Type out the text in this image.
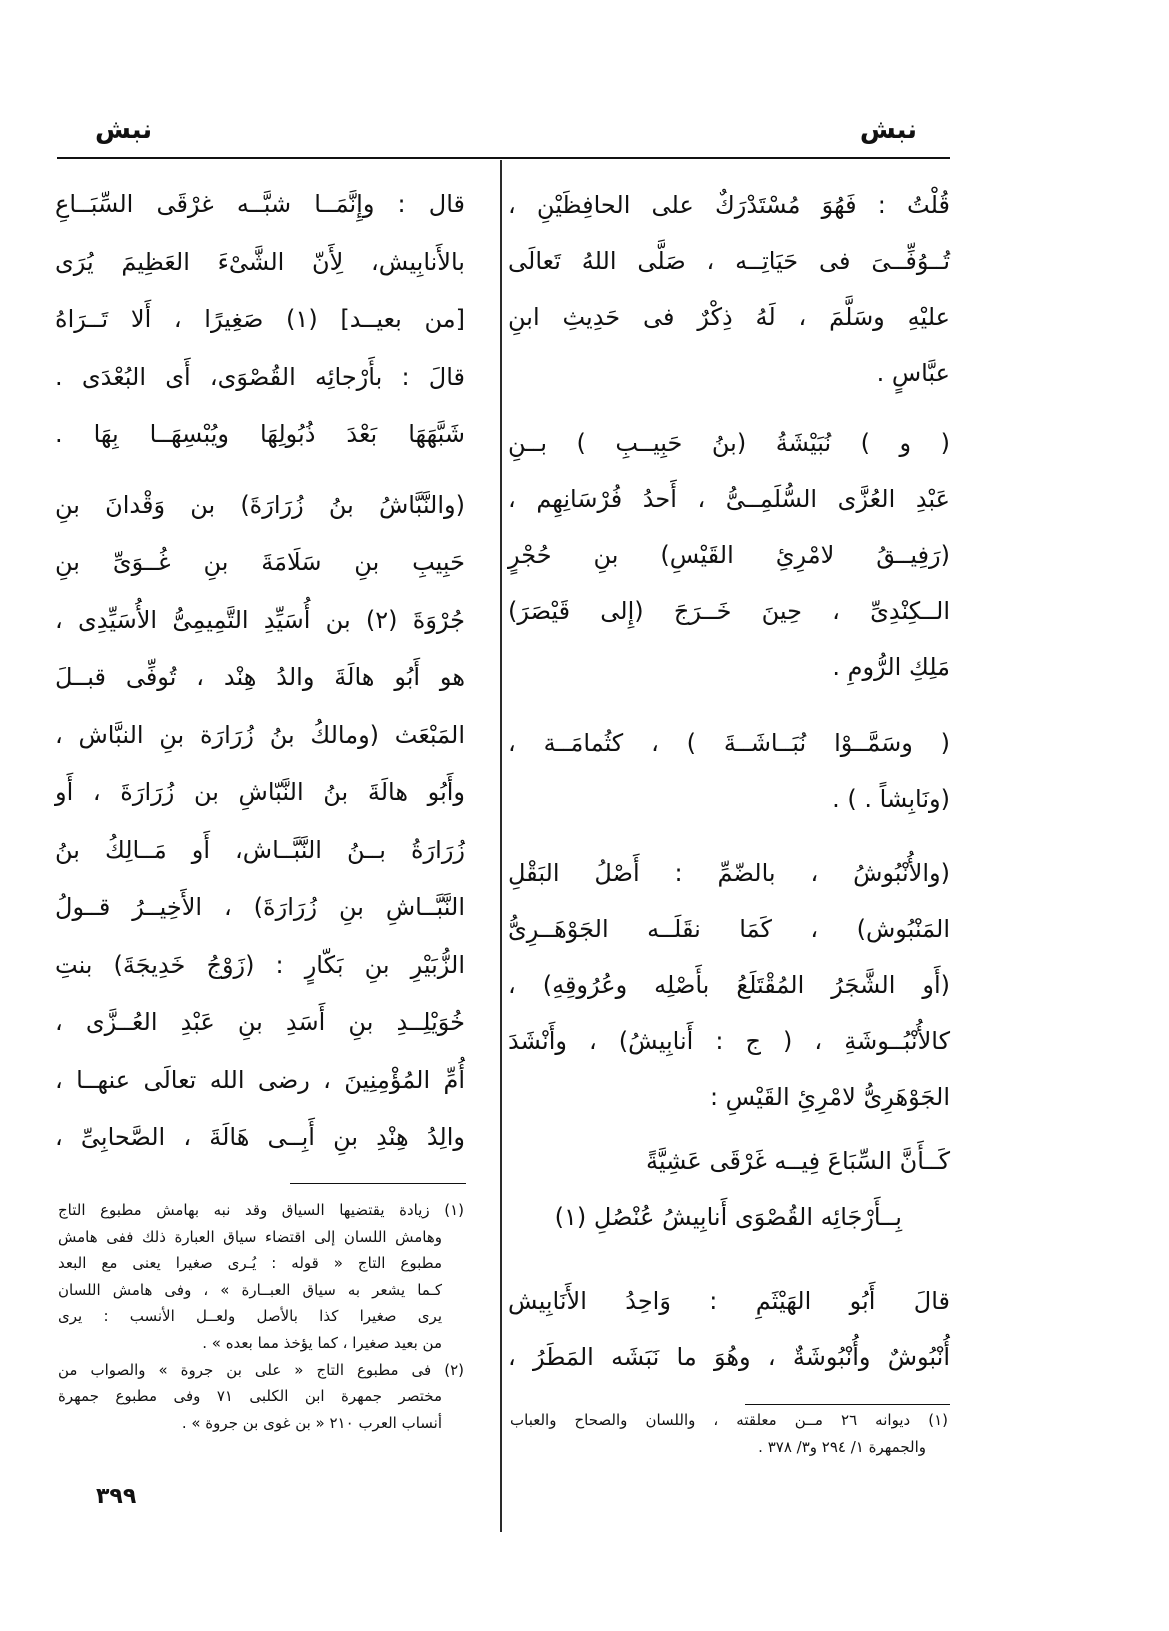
نبش
نبش
قُلْتُ : فَهُوَ مُسْتَدْرَكٌ على الحافِظَيْنِ ،
تُــوُفِّــىَ فى حَيَاتِــه ، صَلَّى اللهُ تَعالَى
عليْهِ وسَلَّمَ ، لَهُ ذِكْرٌ فى حَدِيثِ ابنِ
عبَّاسٍ .
( و ) نُبَيْشَةُ (بنُ حَبِيــبِ ) بــنِ
عَبْدِ العُزَّى السُّلَمِــىُّ ، أَحدُ فُرْسَانِهِم ،
(رَفِيــقُ لامْرِئِ القَيْسِ) بنِ حُجْرٍ
الــكِنْدِىِّ ، حِينَ خَــرَجَ (إِلى قَيْصَرَ)
مَلِكِ الرُّومِ .
( وسَمَّــوْا نُبَــاشَــةَ ) ، كثُمامَــة ،
(ونَابِشاً . ) .
(والأُنْبُوشُ ، بالضّمِّ : أَصْلُ البَقْلِ
المَنْبُوش) ، كَمَا نقَلَــه الجَوْهَــرِىُّ
(أَو الشَّجَرُ المُقْتَلَعُ بأَصْلِه وعُرُوقِهِ) ،
كالأُنْبُــوشَةِ ، ( ج : أَنابِيشُ) ، وأَنْشَدَ
الجَوْهَرِىُّ لامْرِئِ القَيْسِ :
كَــأَنَّ السِّبَاعَ فِيــه غَرْقَى عَشِيَّةً
بِــأَرْجَائِه القُصْوَى أَنابِيشُ عُنْصُلِ (١)
قالَ أَبُو الهَيْثَمِ : وَاحِدُ الأَنَابِيش
أُنْبُوشٌ وأُنْبُوشَةٌ ، وهُوَ ما نَبَشَه المَطَرُ ،
(١) ديوانه ٢٦ مــن معلقته ، واللسان والصحاح والعباب
والجمهرة ١/ ٢٩٤ و٣/ ٣٧٨ .
قال : وإِنَّمَــا شبَّــه غرْقَى السِّبَــاعِ
بالأَنابِيش، لِأَنّ الشَّىْءَ العَظِيمَ يُرَى
[من بعيــد] (١) صَغِيرًا ، أَلا تَــرَاهُ
قالَ : بأَرْجائِه القُصْوَى، أَى البُعْدَى .
شَبَّهَهَا بَعْدَ ذُبُولِهَا ويُبْسِهَــا بِهَا .
(والنَّبَّاشُ بنُ زُرَارَةَ) بن وَقْدانَ بنِ
حَبِيبِ بنِ سَلَامَةَ بنِ غُــوَىِّ بنِ
جُرْوَةَ (٢) بن أُسَيِّدِ التَّمِيمِىُّ الأُسَيِّدِى ،
هو أَبُو هالَةَ والدُ هِنْد ، تُوفِّى قبــلَ
المَبْعَث (ومالكُ بنُ زُرَارَة بنِ النبَّاش ،
وأَبُو هالَةَ بنُ النَّبّاشِ بن زُرَارَةَ ، أَو
زُرَارَةُ بــنُ النَّبَّــاش، أَو مَــالِكُ بنُ
النَّبَّــاشِ بنِ زُرَارَةَ) ، الأَخِيــرُ قــولُ
الزُّبَيْرِ بنِ بَكّارٍ : (زَوْجُ خَدِيجَةَ) بنتِ
خُوَيْلِــدِ بنِ أَسَدِ بنِ عَبْدِ العُــزَّى ،
أُمِّ المُؤْمِنِينَ ، رضى الله تعالَى عنهــا ،
والِدُ هِنْدِ بنِ أَبِــى هَالَةَ ، الصَّحابِىِّ ،
(١) زيادة يقتضيها السياق وقد نبه بهامش مطبوع التاج
وهامش اللسان إلى اقتضاء سياق العبارة ذلك ففى هامش
مطبوع التاج « قوله : يُـرى صغيرا يعنى مع البعد
كـما يشعر به سياق العبــارة » ، وفى هامش اللسان
يرى صغيرا كذا بالأصل ولعــل الأنسب : يرى
من بعيد صغيرا ، كما يؤخذ مما بعده » .
(٢) فى مطبوع التاج « على بن جروة » والصواب من
مختصر جمهرة ابن الكلبى ٧١ وفى مطبوع جمهرة
أنساب العرب ٢١٠ « بن غوى بن جروة » .
٣٩٩
